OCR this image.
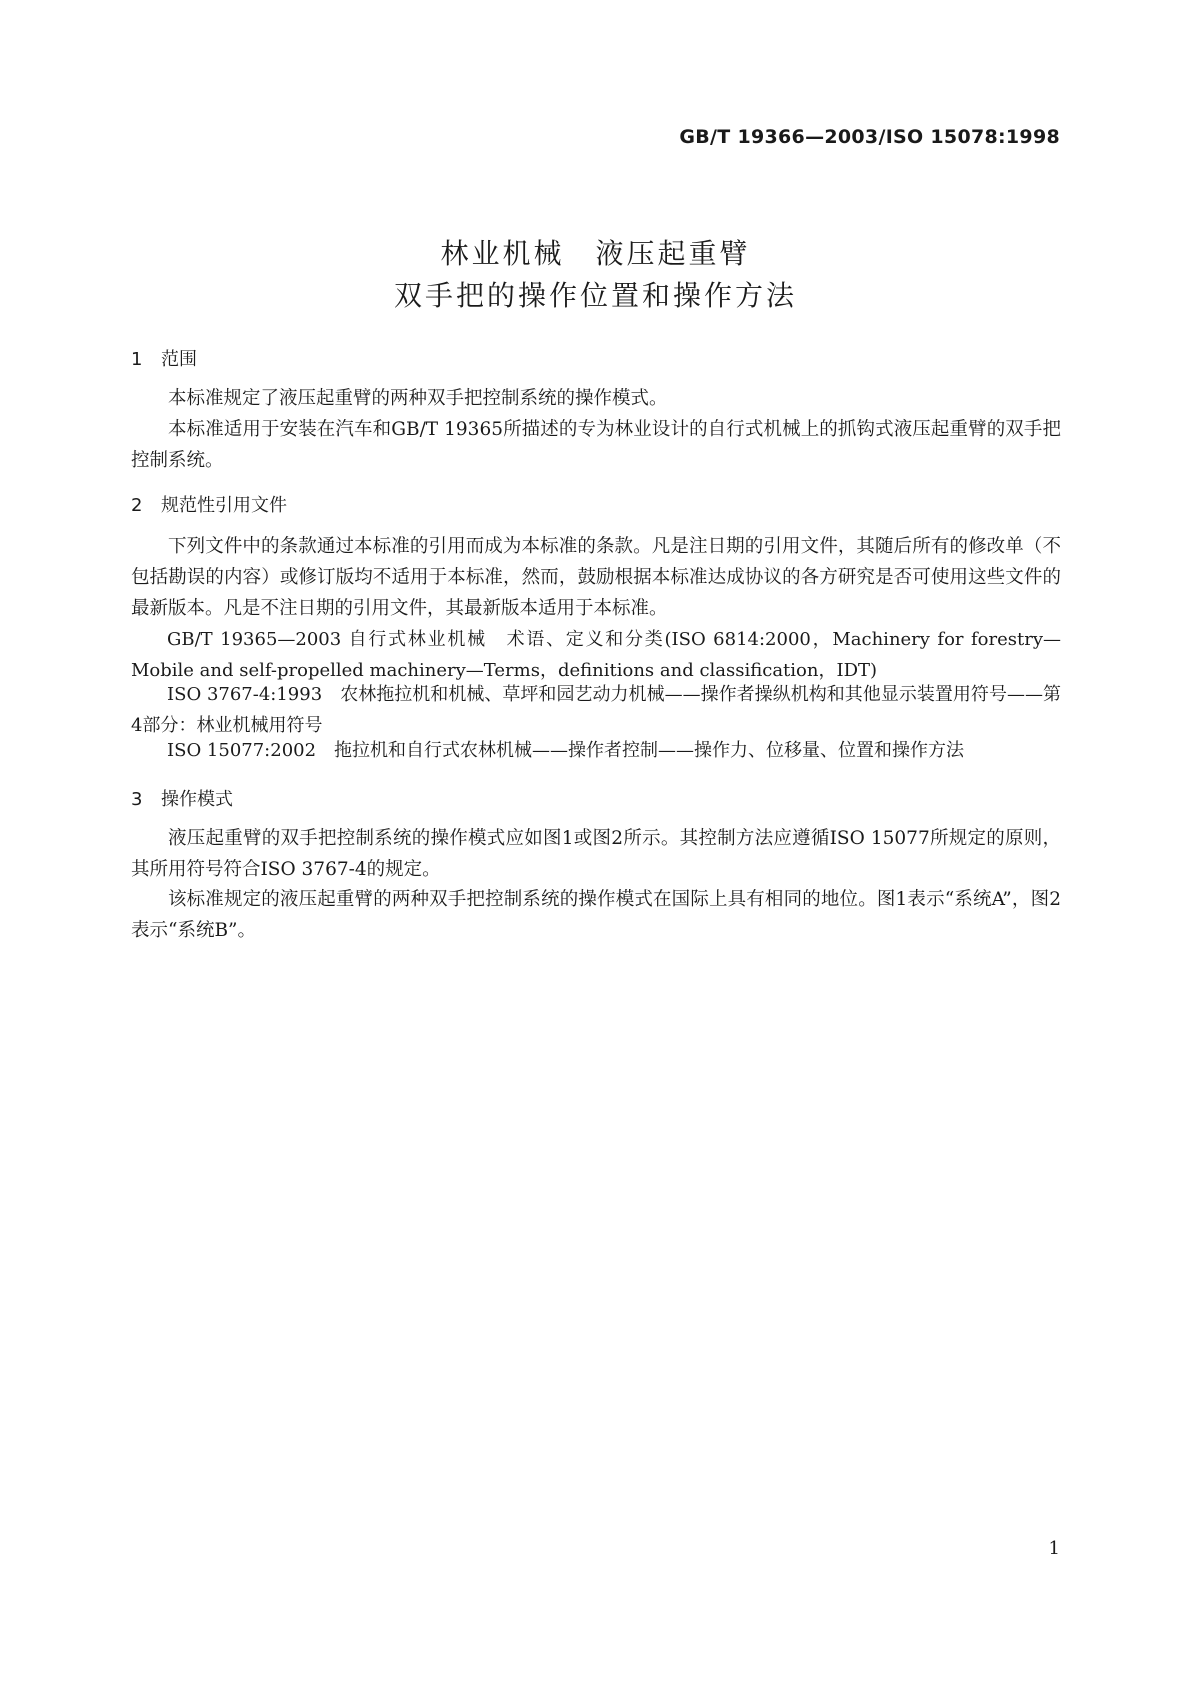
GB/T 19366—2003/ISO 15078:1998
林业机械　液压起重臂
双手把的操作位置和操作方法
1 范围
本标准规定了液压起重臂的两种双手把控制系统的操作模式。
本标准适用于安装在汽车和GB/T 19365所描述的专为林业设计的自行式机械上的抓钩式液压起重臂的双手把控制系统。
2 规范性引用文件
下列文件中的条款通过本标准的引用而成为本标准的条款。凡是注日期的引用文件，其随后所有的修改单（不包括勘误的内容）或修订版均不适用于本标准，然而，鼓励根据本标准达成协议的各方研究是否可使用这些文件的最新版本。凡是不注日期的引用文件，其最新版本适用于本标准。
GB/T 19365—2003 自行式林业机械　术语、定义和分类(ISO 6814:2000，Machinery for forestry—Mobile and self-propelled machinery—Terms，definitions and classification，IDT)
ISO 3767-4:1993　农林拖拉机和机械、草坪和园艺动力机械——操作者操纵机构和其他显示装置用符号——第4部分：林业机械用符号
ISO 15077:2002　拖拉机和自行式农林机械——操作者控制——操作力、位移量、位置和操作方法
3 操作模式
液压起重臂的双手把控制系统的操作模式应如图1或图2所示。其控制方法应遵循ISO 15077所规定的原则，其所用符号符合ISO 3767-4的规定。
该标准规定的液压起重臂的两种双手把控制系统的操作模式在国际上具有相同的地位。图1表示“系统A”，图2表示“系统B”。
1
